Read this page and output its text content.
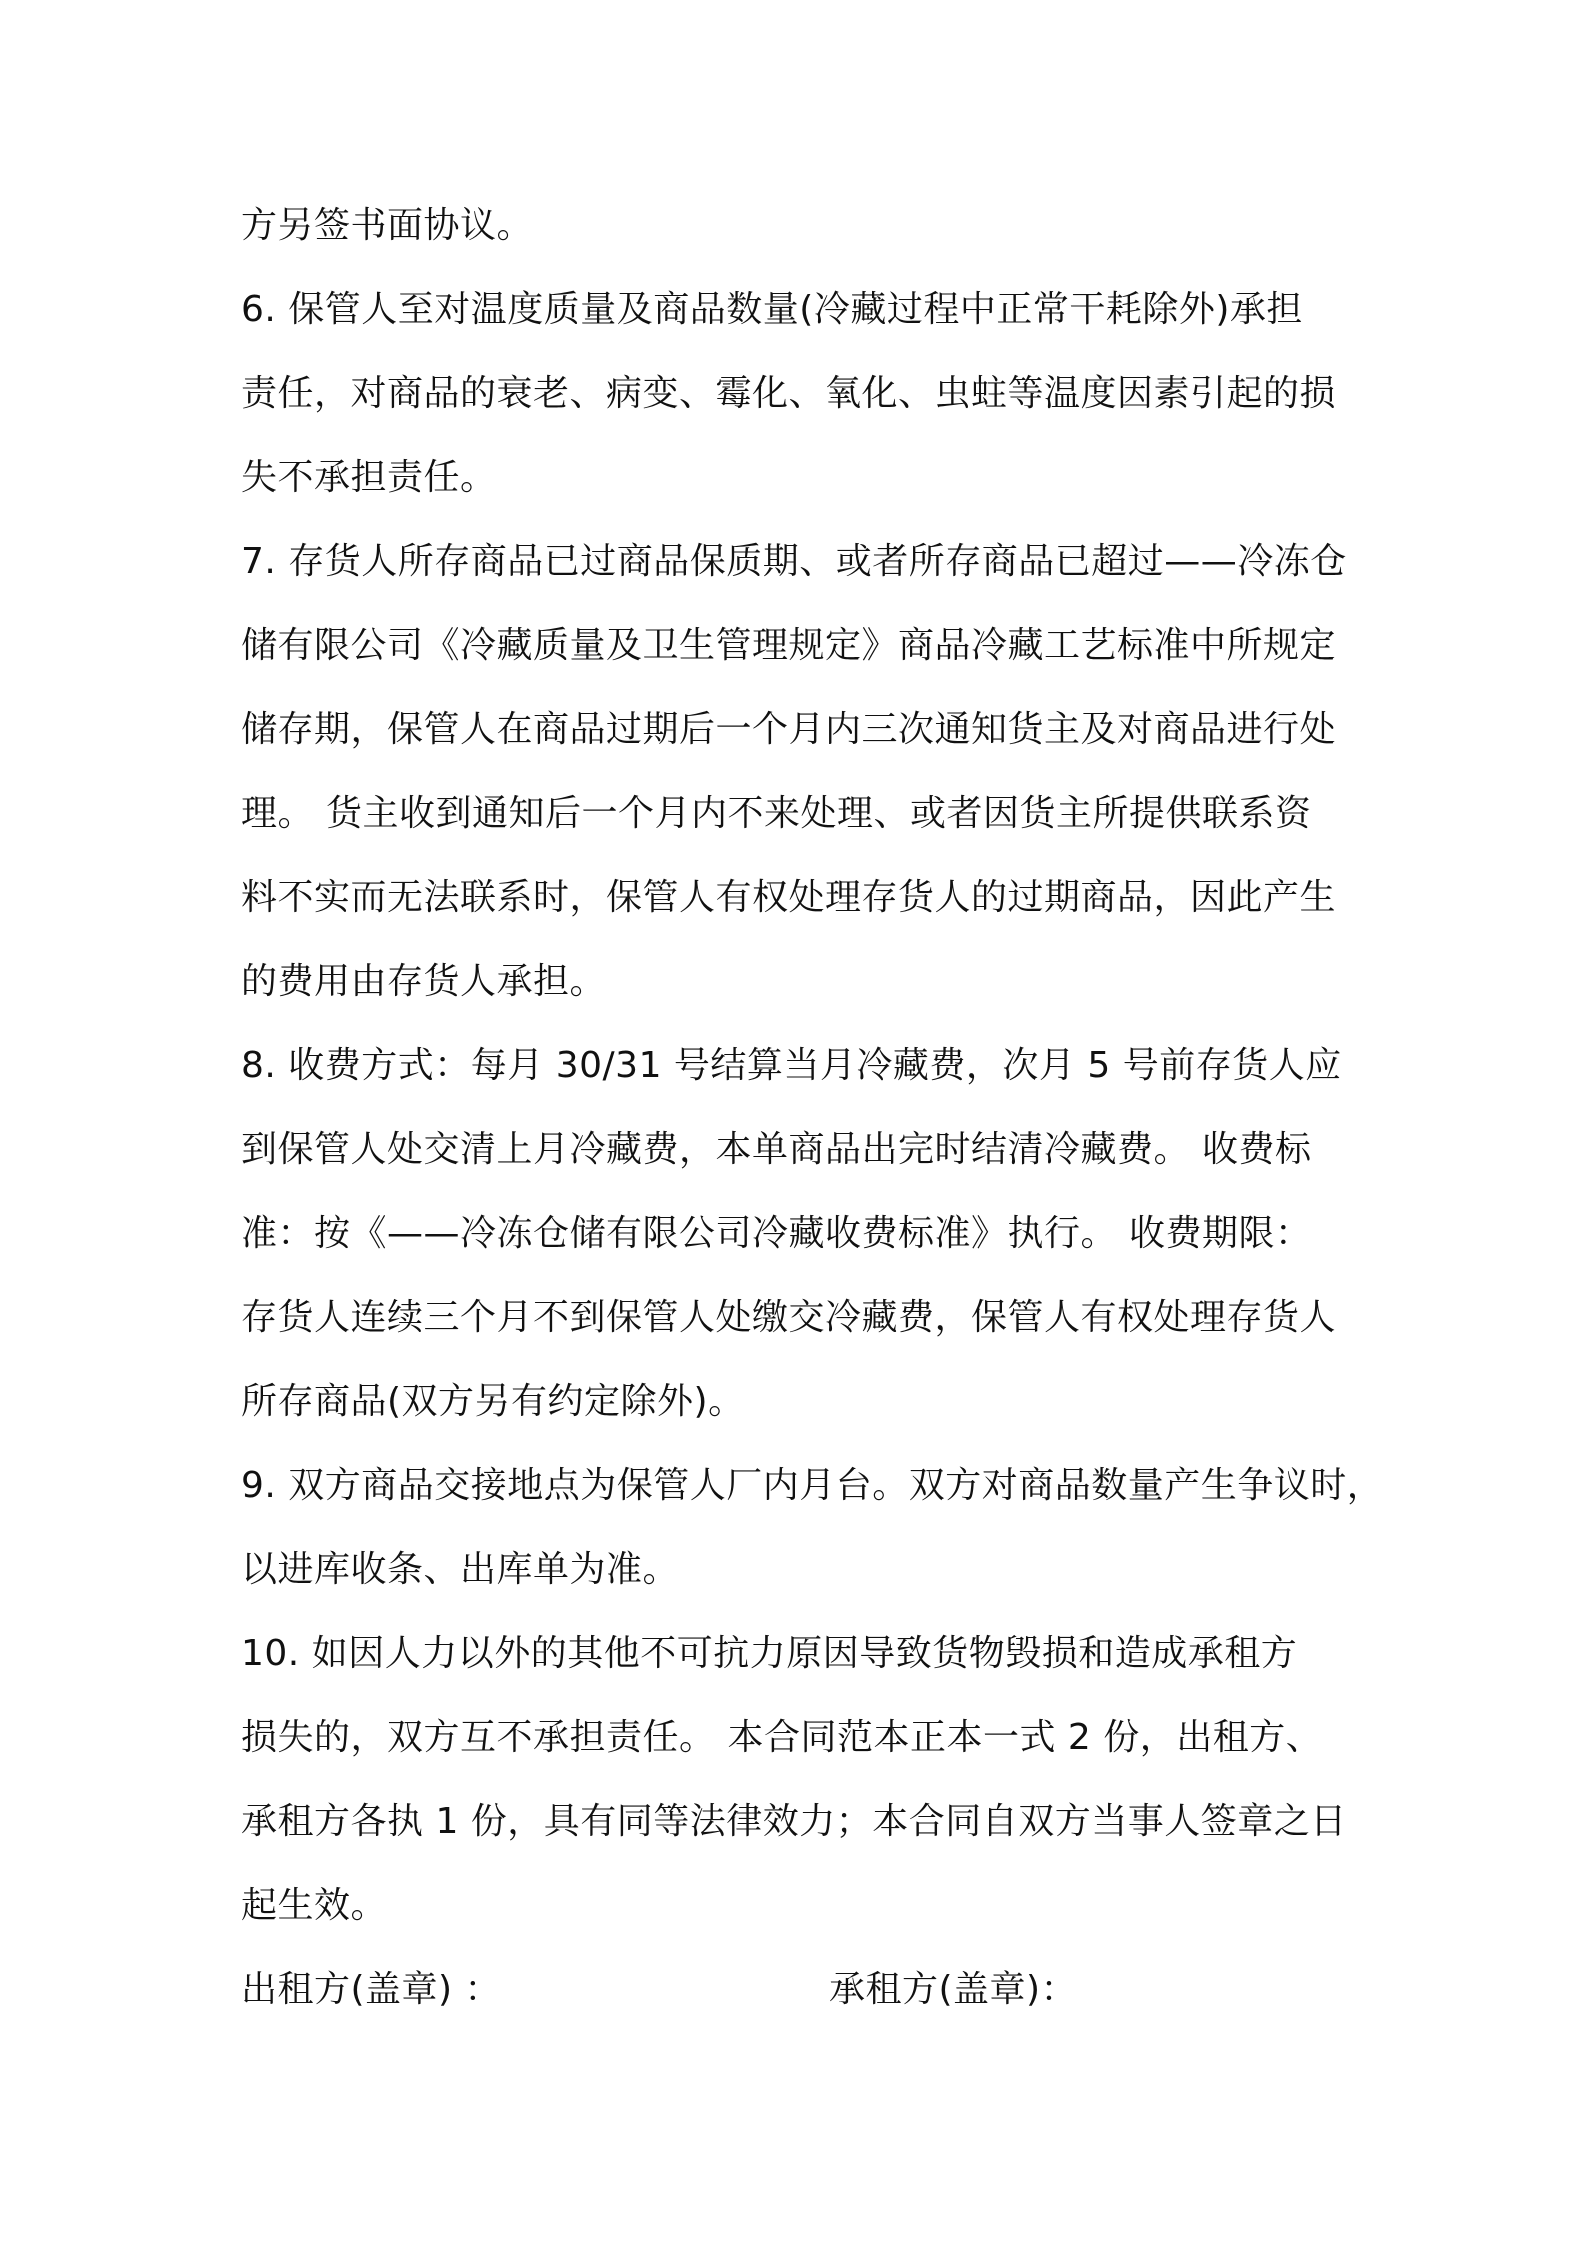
方另签书面协议。
6. 保管人至对温度质量及商品数量(冷藏过程中正常干耗除外)承担
责任，对商品的衰老、病变、霉化、氧化、虫蛀等温度因素引起的损
失不承担责任。
7. 存货人所存商品已过商品保质期、或者所存商品已超过——冷冻仓
储有限公司《冷藏质量及卫生管理规定》商品冷藏工艺标准中所规定
储存期，保管人在商品过期后一个月内三次通知货主及对商品进行处
理。 货主收到通知后一个月内不来处理、或者因货主所提供联系资
料不实而无法联系时，保管人有权处理存货人的过期商品，因此产生
的费用由存货人承担。
8. 收费方式：每月 30/31 号结算当月冷藏费，次月 5 号前存货人应
到保管人处交清上月冷藏费，本单商品出完时结清冷藏费。 收费标
准：按《——冷冻仓储有限公司冷藏收费标准》执行。 收费期限：
存货人连续三个月不到保管人处缴交冷藏费，保管人有权处理存货人
所存商品(双方另有约定除外)。
9. 双方商品交接地点为保管人厂内月台。双方对商品数量产生争议时，
以进库收条、出库单为准。
10. 如因人力以外的其他不可抗力原因导致货物毁损和造成承租方
损失的，双方互不承担责任。 本合同范本正本一式 2 份，出租方、
承租方各执 1 份，具有同等法律效力；本合同自双方当事人签章之日
起生效。
出租方(盖章) ：	承租方(盖章)：
